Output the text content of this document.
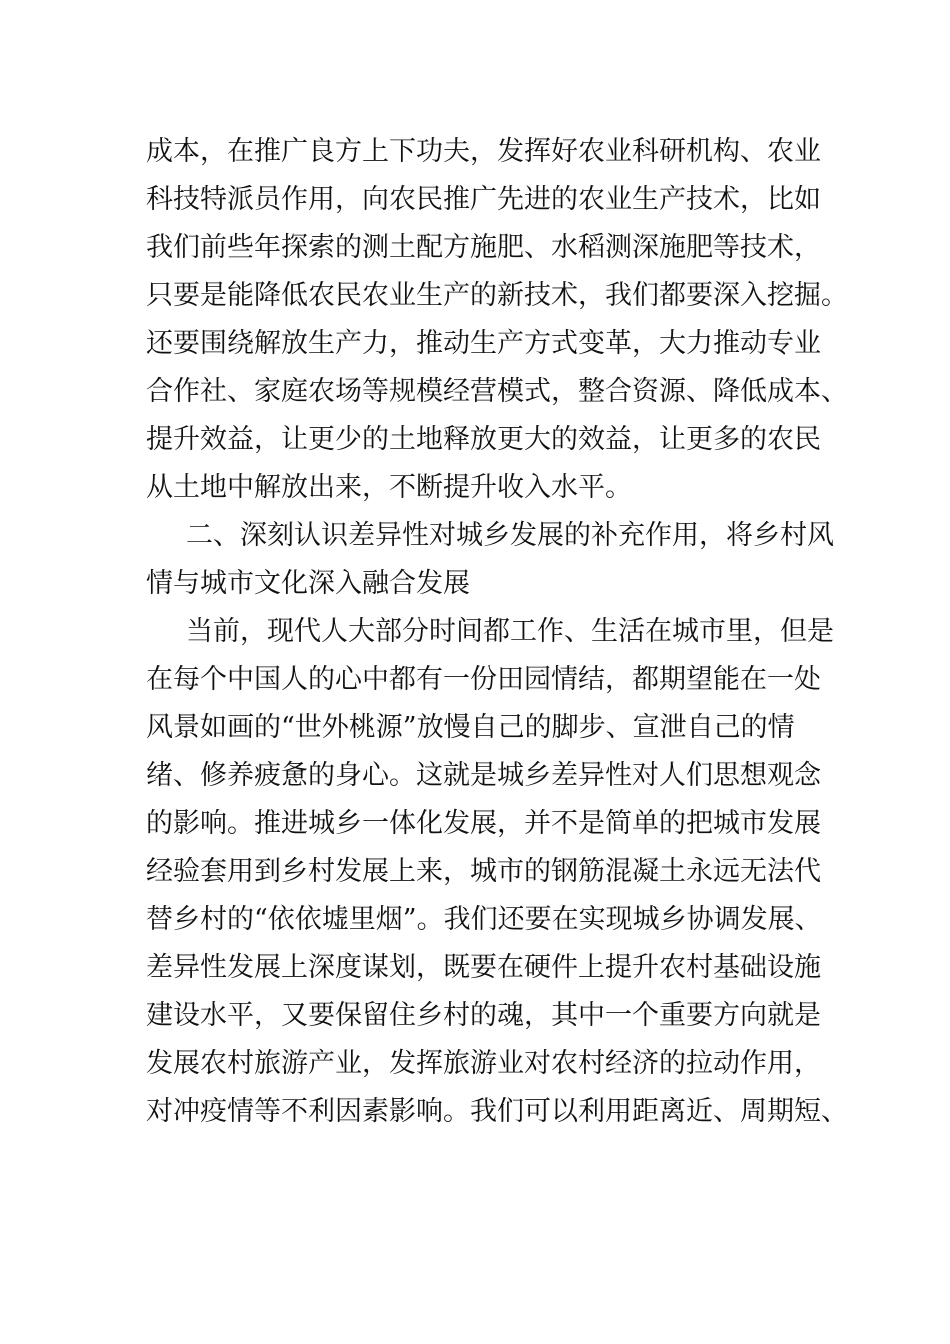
成本，在推广良方上下功夫，发挥好农业科研机构、农业
科技特派员作用，向农民推广先进的农业生产技术，比如
我们前些年探索的测土配方施肥、水稻测深施肥等技术，
只要是能降低农民农业生产的新技术，我们都要深入挖掘。
还要围绕解放生产力，推动生产方式变革，大力推动专业
合作社、家庭农场等规模经营模式，整合资源、降低成本、
提升效益，让更少的土地释放更大的效益，让更多的农民
从土地中解放出来，不断提升收入水平。
二、深刻认识差异性对城乡发展的补充作用，将乡村风
情与城市文化深入融合发展
当前，现代人大部分时间都工作、生活在城市里，但是
在每个中国人的心中都有一份田园情结，都期望能在一处
风景如画的“世外桃源”放慢自己的脚步、宣泄自己的情
绪、修养疲惫的身心。这就是城乡差异性对人们思想观念
的影响。推进城乡一体化发展，并不是简单的把城市发展
经验套用到乡村发展上来，城市的钢筋混凝土永远无法代
替乡村的“依依墟里烟”。我们还要在实现城乡协调发展、
差异性发展上深度谋划，既要在硬件上提升农村基础设施
建设水平，又要保留住乡村的魂，其中一个重要方向就是
发展农村旅游产业，发挥旅游业对农村经济的拉动作用，
对冲疫情等不利因素影响。我们可以利用距离近、周期短、
